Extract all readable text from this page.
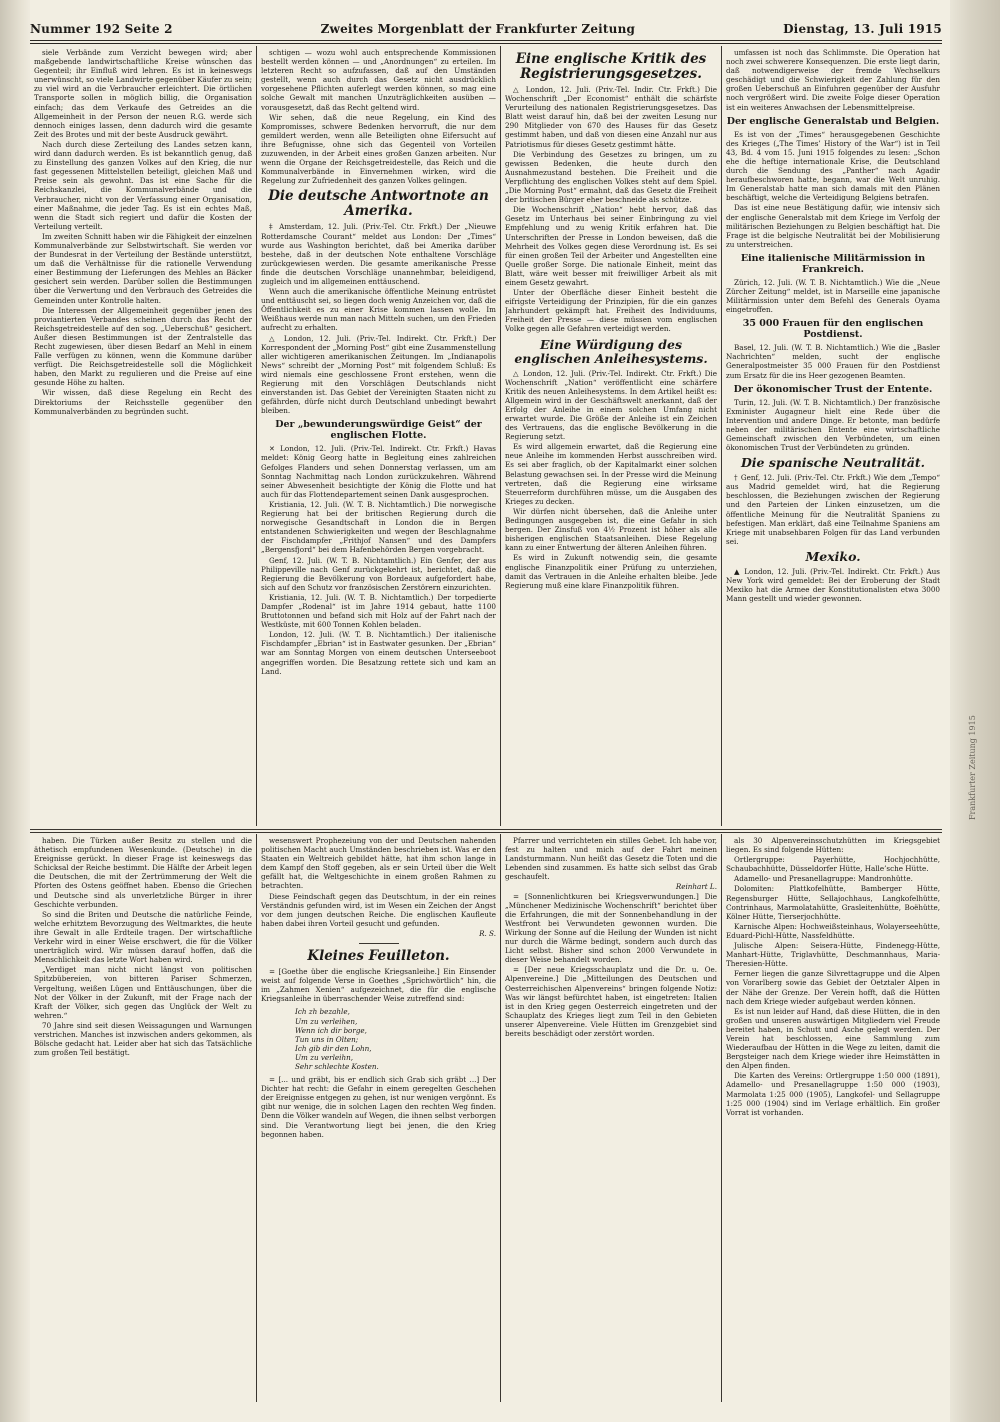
Nummer 192 Seite 2	Zweites Morgenblatt der Frankfurter Zeitung	Dienstag, 13. Juli 1915

siele Verbände zum Verzicht bewegen wird; aber maßgebende landwirtschaftliche Kreise wünschen das Gegenteil; ihr Einfluß wird lehren. Es ist in keineswegs unerwünscht, so viele Landwirte gegenüber Käufer zu sein; zu viel wird an die Verbraucher erleichtert. Die örtlichen Transporte sollen in möglich billig, die Organisation einfach; das dem Verkaufe des Getreides an die Allgemeinheit in der Person der neuen R.G. werde sich dennoch einiges lassen, denn dadurch wird die gesamte Zeit des Brotes und mit der beste Ausdruck gewährt.

Nach durch diese Zerteilung des Landes setzen kann, wird dann dadurch werden. Es ist bekanntlich genug, daß zu Einstellung des ganzen Volkes auf den Krieg, die nur fast gegessenen Mittelstellen beteiligt, gleichen Maß und Preise sein als gewohnt. Das ist eine Sache für die Reichskanzlei, die Kommunalverbände und die Verbraucher, nicht von der Verfassung einer Organisation, einer Maßnahme, die jeder Tag. Es ist ein echtes Maß, wenn die Stadt sich regiert und dafür die Kosten der Verteilung verteilt.

Im zweiten Schnitt haben wir die Fähigkeit der einzelnen Kommunalverbände zur Selbstwirtschaft. Sie werden vor der Bundesrat in der Verteilung der Bestände unterstützt, um daß die Verhältnisse für die rationelle Verwendung einer Bestimmung der Lieferungen des Mehles an Bäcker gesichert sein werden. Darüber sollen die Bestimmungen über die Verwertung und den Verbrauch des Getreides die Gemeinden unter Kontrolle halten.

Die Interessen der Allgemeinheit gegenüber jenen des proviantierten Verbandes scheinen durch das Recht der Reichsgetreidestelle auf den sog. „Ueberschuß“ gesichert. Außer diesen Bestimmungen ist der Zentralstelle das Recht zugewiesen, über diesen Bedarf an Mehl in einem Falle verfügen zu können, wenn die Kommune darüber verfügt. Die Reichsgetreidestelle soll die Möglichkeit haben, den Markt zu regulieren und die Preise auf eine gesunde Höhe zu halten.

Wir wissen, daß diese Regelung ein Recht des Direktoriums der Reichsstelle gegenüber den Kommunalverbänden zu begründen sucht.

schtigen — wozu wohl auch entsprechende Kommissionen bestellt werden können — und „Anordnungen“ zu erteilen. Im letzteren Recht so aufzufassen, daß auf den Umständen gestellt, wenn auch durch das Gesetz nicht ausdrücklich vorgesehene Pflichten auferlegt werden können, so mag eine solche Gewalt mit manchen Unzuträglichkeiten ausüben — vorausgesetzt, daß das Recht geltend wird.

Wir sehen, daß die neue Regelung, ein Kind des Kompromisses, schwere Bedenken hervorruft, die nur dem gemildert werden, wenn alle Beteiligten ohne Eifersucht auf ihre Befugnisse, ohne sich das Gegenteil von Vorteilen zuzuwenden, in der Arbeit eines großen Ganzen arbeiten. Nur wenn die Organe der Reichsgetreidestelle, das Reich und die Kommunalverbände in Einvernehmen wirken, wird die Regelung zur Zufriedenheit des ganzen Volkes gelingen.

Die deutsche Antwortnote an Amerika.

‡ Amsterdam, 12. Juli. (Priv.-Tel. Ctr. Frkft.) Der „Nieuwe Rotterdamsche Courant“ meldet aus London: Der „Times“ wurde aus Washington berichtet, daß bei Amerika darüber bestehe, daß in der deutschen Note enthaltene Vorschläge zurückgewiesen werden. Die gesamte amerikanische Presse finde die deutschen Vorschläge unannehmbar, beleidigend, zugleich und im allgemeinen enttäuschend.

Wenn auch die amerikanische öffentliche Meinung entrüstet und enttäuscht sei, so liegen doch wenig Anzeichen vor, daß die Öffentlichkeit es zu einer Krise kommen lassen wolle. Im Weißhaus werde nun man nach Mitteln suchen, um den Frieden aufrecht zu erhalten.

△ London, 12. Juli. (Priv.-Tel. Indirekt. Ctr. Frkft.) Der Korrespondent der „Morning Post“ gibt eine Zusammenstellung aller wichtigeren amerikanischen Zeitungen. Im „Indianapolis News“ schreibt der „Morning Post“ mit folgendem Schluß: Es wird niemals eine geschlossene Front erstehen, wenn die Regierung mit den Vorschlägen Deutschlands nicht einverstanden ist. Das Gebiet der Vereinigten Staaten nicht zu gefährden, dürfe nicht durch Deutschland unbedingt bewahrt bleiben.

Der „bewunderungswürdige Geist“ der englischen Flotte.

✕ London, 12. Juli. (Priv.-Tel. Indirekt. Ctr. Frkft.) Havas meldet: König Georg hatte in Begleitung eines zahlreichen Gefolges Flanders und sehen Donnerstag verlassen, um am Sonntag Nachmittag nach London zurückzukehren. Während seiner Abwesenheit besichtigte der König die Flotte und hat auch für das Flottendepartement seinen Dank ausgesprochen.

Kristiania, 12. Juli. (W. T. B. Nichtamtlich.) Die norwegische Regierung hat bei der britischen Regierung durch die norwegische Gesandtschaft in London die in Bergen entstandenen Schwierigkeiten und wegen der Beschlagnahme der Fischdampfer „Frithjof Nansen“ und des Dampfers „Bergensfjord“ bei dem Hafenbehörden Bergen vorgebracht.

Genf, 12. Juli. (W. T. B. Nichtamtlich.) Ein Genfer, der aus Philippeville nach Genf zurückgekehrt ist, berichtet, daß die Regierung die Bevölkerung von Bordeaux aufgefordert habe, sich auf den Schutz vor französischen Zerstörern einzurichten.

Kristiania, 12. Juli. (W. T. B. Nichtamtlich.) Der torpedierte Dampfer „Rodenal“ ist im Jahre 1914 gebaut, hatte 1100 Bruttotonnen und befand sich mit Holz auf der Fahrt nach der Westküste, mit 600 Tonnen Kohlen beladen.

London, 12. Juli. (W. T. B. Nichtamtlich.) Der italienische Fischdampfer „Ebrian“ ist in Eastwater gesunken. Der „Ebrian“ war am Sonntag Morgen von einem deutschen Unterseeboot angegriffen worden. Die Besatzung rettete sich und kam an Land.

Eine englische Kritik des Registrierungsgesetzes.

△ London, 12. Juli. (Priv.-Tel. Indir. Ctr. Frkft.) Die Wochenschrift „Der Economist“ enthält die schärfste Verurteilung des nationalen Registrierungsgesetzes. Das Blatt weist darauf hin, daß bei der zweiten Lesung nur 290 Mitglieder von 670 des Hauses für das Gesetz gestimmt haben, und daß von diesen eine Anzahl nur aus Patriotismus für dieses Gesetz gestimmt hätte.

Die Verbindung des Gesetzes zu bringen, um zu gewissen Bedenken, die heute durch den Ausnahmezustand bestehen. Die Freiheit und die Verpflichtung des englischen Volkes steht auf dem Spiel. „Die Morning Post“ ermahnt, daß das Gesetz die Freiheit der britischen Bürger eher beschneide als schütze.

Die Wochenschrift „Nation“ hebt hervor, daß das Gesetz im Unterhaus bei seiner Einbringung zu viel Empfehlung und zu wenig Kritik erfahren hat. Die Unterschriften der Presse in London beweisen, daß die Mehrheit des Volkes gegen diese Verordnung ist. Es sei für einen großen Teil der Arbeiter und Angestellten eine Quelle großer Sorge. Die nationale Einheit, meint das Blatt, wäre weit besser mit freiwilliger Arbeit als mit einem Gesetz gewahrt.

Unter der Oberfläche dieser Einheit besteht die eifrigste Verteidigung der Prinzipien, für die ein ganzes Jahrhundert gekämpft hat. Freiheit des Individuums, Freiheit der Presse — diese müssen vom englischen Volke gegen alle Gefahren verteidigt werden.

Eine Würdigung des englischen Anleihesystems.

△ London, 12. Juli. (Priv.-Tel. Indirekt. Ctr. Frkft.) Die Wochenschrift „Nation“ veröffentlicht eine schärfere Kritik des neuen Anleihesystems. In dem Artikel heißt es: Allgemein wird in der Geschäftswelt anerkannt, daß der Erfolg der Anleihe in einem solchen Umfang nicht erwartet wurde. Die Größe der Anleihe ist ein Zeichen des Vertrauens, das die englische Bevölkerung in die Regierung setzt.

Es wird allgemein erwartet, daß die Regierung eine neue Anleihe im kommenden Herbst ausschreiben wird. Es sei aber fraglich, ob der Kapitalmarkt einer solchen Belastung gewachsen sei. In der Presse wird die Meinung vertreten, daß die Regierung eine wirksame Steuerreform durchführen müsse, um die Ausgaben des Krieges zu decken.

Wir dürfen nicht übersehen, daß die Anleihe unter Bedingungen ausgegeben ist, die eine Gefahr in sich bergen. Der Zinsfuß von 4½ Prozent ist höher als alle bisherigen englischen Staatsanleihen. Diese Regelung kann zu einer Entwertung der älteren Anleihen führen.

Es wird in Zukunft notwendig sein, die gesamte englische Finanzpolitik einer Prüfung zu unterziehen, damit das Vertrauen in die Anleihe erhalten bleibe. Jede Regierung muß eine klare Finanzpolitik führen.

umfassen ist noch das Schlimmste. Die Operation hat noch zwei schwerere Konsequenzen. Die erste liegt darin, daß notwendigerweise der fremde Wechselkurs geschädigt und die Schwierigkeit der Zahlung für den großen Ueberschuß an Einfuhren gegenüber der Ausfuhr noch vergrößert wird. Die zweite Folge dieser Operation ist ein weiteres Anwachsen der Lebensmittelpreise.

Der englische Generalstab und Belgien.

Es ist von der „Times“ herausgegebenen Geschichte des Krieges („The Times’ History of the War“) ist in Teil 43, Bd. 4 vom 15. Juni 1915 folgendes zu lesen: „Schon ehe die heftige internationale Krise, die Deutschland durch die Sendung des „Panther“ nach Agadir heraufbeschworen hatte, begann, war die Welt unruhig. Im Generalstab hatte man sich damals mit den Plänen beschäftigt, welche die Verteidigung Belgiens betrafen.

Das ist eine neue Bestätigung dafür, wie intensiv sich der englische Generalstab mit dem Kriege im Verfolg der militärischen Beziehungen zu Belgien beschäftigt hat. Die Frage ist die belgische Neutralität bei der Mobilisierung zu unterstreichen.

Eine italienische Militärmission in Frankreich.

Zürich, 12. Juli. (W. T. B. Nichtamtlich.) Wie die „Neue Zürcher Zeitung“ meldet, ist in Marseille eine japanische Militärmission unter dem Befehl des Generals Oyama eingetroffen.

35 000 Frauen für den englischen Postdienst.

Basel, 12. Juli. (W. T. B. Nichtamtlich.) Wie die „Basler Nachrichten“ melden, sucht der englische Generalpostmeister 35 000 Frauen für den Postdienst zum Ersatz für die ins Heer gezogenen Beamten.

Der ökonomischer Trust der Entente.

Turin, 12. Juli. (W. T. B. Nichtamtlich.) Der französische Exminister Augagneur hielt eine Rede über die Intervention und andere Dinge. Er betonte, man bedürfe neben der militärischen Entente eine wirtschaftliche Gemeinschaft zwischen den Verbündeten, um einen ökonomischen Trust der Verbündeten zu gründen.

Die spanische Neutralität.

† Genf, 12. Juli. (Priv.-Tel. Ctr. Frkft.) Wie dem „Tempo“ aus Madrid gemeldet wird, hat die Regierung beschlossen, die Beziehungen zwischen der Regierung und den Parteien der Linken einzusetzen, um die öffentliche Meinung für die Neutralität Spaniens zu befestigen. Man erklärt, daß eine Teilnahme Spaniens am Kriege mit unabsehbaren Folgen für das Land verbunden sei.

Mexiko.

▲ London, 12. Juli. (Priv.-Tel. Indirekt. Ctr. Frkft.) Aus New York wird gemeldet: Bei der Eroberung der Stadt Mexiko hat die Armee der Konstitutionalisten etwa 3000 Mann gestellt und wieder gewonnen.

haben. Die Türken außer Besitz zu stellen und die äthetisch empfundenen Wesenkunde. (Deutsche) in die Ereignisse gerückt. In dieser Frage ist keineswegs das Schicksal der Reiche bestimmt. Die Hälfte der Arbeit legen die Deutschen, die mit der Zertrümmerung der Welt die Pforten des Ostens geöffnet haben. Ebenso die Griechen und Deutsche sind als unverletzliche Bürger in ihrer Geschichte verbunden.

So sind die Briten und Deutsche die natürliche Feinde, welche erhitztem Bevorzugung des Weltmarktes, die heute ihre Gewalt in alle Erdteile tragen. Der wirtschaftliche Verkehr wird in einer Weise erschwert, die für die Völker unerträglich wird. Wir müssen darauf hoffen, daß die Menschlichkeit das letzte Wort haben wird.

„Verdiget man nicht nicht längst von politischen Spitzbübereien, von bitteren Pariser Schmerzen, Vergeltung, weißen Lügen und Enttäuschungen, über die Not der Völker in der Zukunft, mit der Frage nach der Kraft der Völker, sich gegen das Unglück der Welt zu wehren.“

70 Jahre sind seit diesen Weissagungen und Warnungen verstrichen. Manches ist inzwischen anders gekommen, als Bölsche gedacht hat. Leider aber hat sich das Tatsächliche zum großen Teil bestätigt.

wesenswert Prophezeiung von der und Deutschen nahenden politischen Macht auch Umständen beschrieben ist. Was er den Staaten ein Weltreich gebildet hätte, hat ihm schon lange in dem Kampf den Stoff gegeben, als er sein Urteil über die Welt gefällt hat, die Weltgeschichte in einem großen Rahmen zu betrachten.

Diese Feindschaft gegen das Deutschtum, in der ein reines Verständnis gefunden wird, ist im Wesen ein Zeichen der Angst vor dem jungen deutschen Reiche. Die englischen Kaufleute haben dabei ihren Vorteil gesucht und gefunden.

R. S.
Kleines Feuilleton.

= [Goethe über die englische Kriegsanleihe.] Ein Einsender weist auf folgende Verse in Goethes „Sprichwörtlich“ hin, die im „Zahmen Xenien“ aufgezeichnet, die für die englische Kriegsanleihe in überraschender Weise zutreffend sind:

Ich zh bezahle,
Um zu verleihen,
Wenn ich dir borge,
Tun uns in Olten;
Ich gib dir den Lohn,
Um zu verleihn,
Sehr schlechte Kosten.

= [... und gräbt, bis er endlich sich Grab sich gräbt ...] Der Dichter hat recht: die Gefahr in einem geregelten Geschehen der Ereignisse entgegen zu gehen, ist nur wenigen vergönnt. Es gibt nur wenige, die in solchen Lagen den rechten Weg finden. Denn die Völker wandeln auf Wegen, die ihnen selbst verborgen sind. Die Verantwortung liegt bei jenen, die den Krieg begonnen haben.

Pfarrer und verrichteten ein stilles Gebet. Ich habe vor, fest zu halten und mich auf der Fahrt meinen Landsturmmann. Nun heißt das Gesetz die Toten und die Lebenden sind zusammen. Es hatte sich selbst das Grab geschaufelt.

Reinhart L.

= [Sonnenlichtkuren bei Kriegsverwundungen.] Die „Münchener Medizinische Wochenschrift“ berichtet über die Erfahrungen, die mit der Sonnenbehandlung in der Westfront bei Verwundeten gewonnen wurden. Die Wirkung der Sonne auf die Heilung der Wunden ist nicht nur durch die Wärme bedingt, sondern auch durch das Licht selbst. Bisher sind schon 2000 Verwundete in dieser Weise behandelt worden.

= [Der neue Kriegsschauplatz und die Dr. u. Oe. Alpenvereine.] Die „Mitteilungen des Deutschen und Oesterreichischen Alpenvereins“ bringen folgende Notiz: Was wir längst befürchtet haben, ist eingetreten: Italien ist in den Krieg gegen Oesterreich eingetreten und der Schauplatz des Krieges liegt zum Teil in den Gebieten unserer Alpenvereine. Viele Hütten im Grenzgebiet sind bereits beschädigt oder zerstört worden.

als 30 Alpenvereinsschutzhütten im Kriegsgebiet liegen. Es sind folgende Hütten:

Ortlergruppe: Payerhütte, Hochjochhütte, Schaubachhütte, Düsseldorfer Hütte, Halle’sche Hütte.

Adamello- und Presanellagruppe: Mandronhütte.

Dolomiten: Plattkofelhütte, Bamberger Hütte, Regensburger Hütte, Sellajochhaus, Langkofelhütte, Contrinhaus, Marmolatahütte, Grasleitenhütte, Boëhütte, Kölner Hütte, Tierserjochhütte.

Karnische Alpen: Hochweißsteinhaus, Wolayerseehütte, Eduard-Pichl-Hütte, Nassfeldhütte.

Julische Alpen: Seisera-Hütte, Findenegg-Hütte, Manhart-Hütte, Triglavhütte, Deschmannhaus, Maria-Theresien-Hütte.

Ferner liegen die ganze Silvrettagruppe und die Alpen von Vorarlberg sowie das Gebiet der Oetztaler Alpen in der Nähe der Grenze. Der Verein hofft, daß die Hütten nach dem Kriege wieder aufgebaut werden können.

Es ist nun leider auf Hand, daß diese Hütten, die in den großen und unseren auswärtigen Mitgliedern viel Freude bereitet haben, in Schutt und Asche gelegt werden. Der Verein hat beschlossen, eine Sammlung zum Wiederaufbau der Hütten in die Wege zu leiten, damit die Bergsteiger nach dem Kriege wieder ihre Heimstätten in den Alpen finden.

Die Karten des Vereins: Ortlergruppe 1:50 000 (1891), Adamello- und Presanellagruppe 1:50 000 (1903), Marmolata 1:25 000 (1905), Langkofel- und Sellagruppe 1:25 000 (1904) sind im Verlage erhältlich. Ein großer Vorrat ist vorhanden.

Frankfurter Zeitung 1915
